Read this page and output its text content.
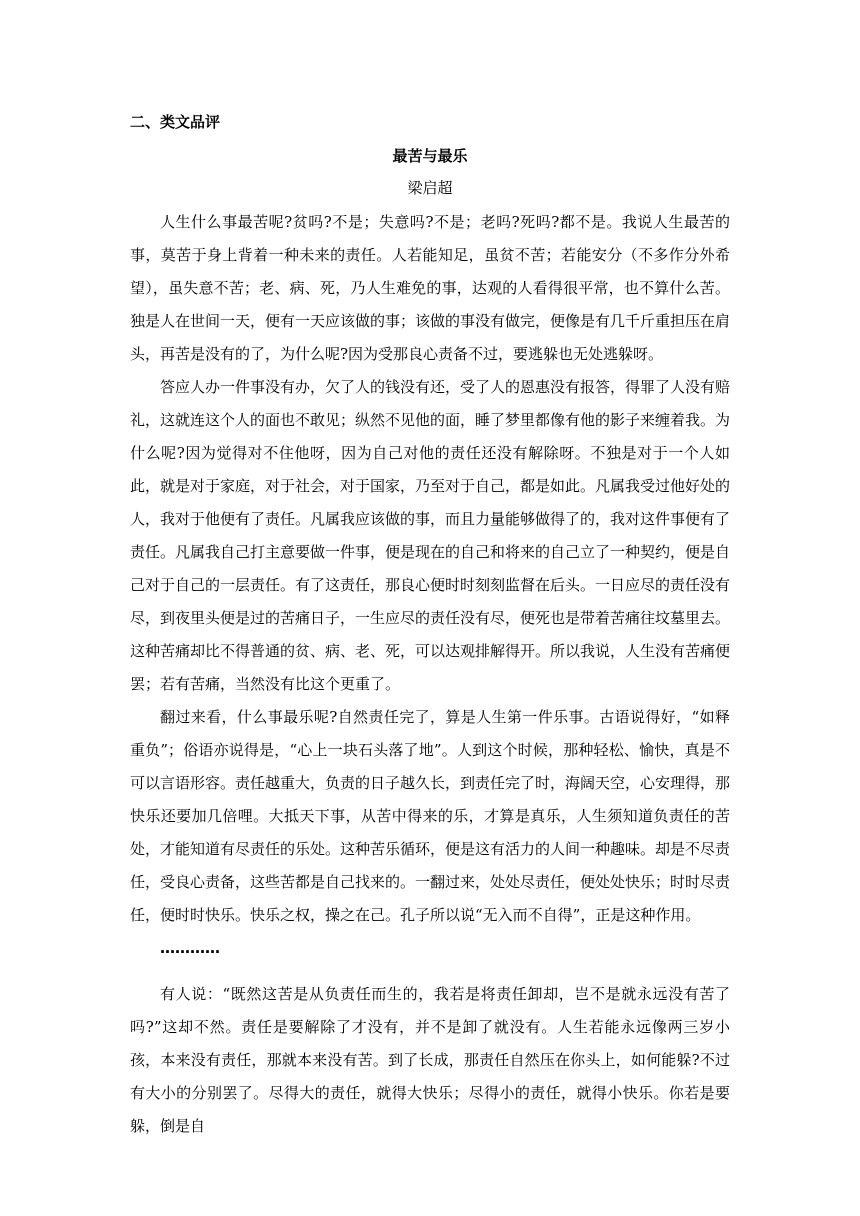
二、类文品评
最苦与最乐
梁启超

人生什么事最苦呢?贫吗?不是；失意吗?不是；老吗?死吗?都不是。我说人生最苦的事，莫苦于身上背着一种未来的责任。人若能知足，虽贫不苦；若能安分（不多作分外希望），虽失意不苦；老、病、死，乃人生难免的事，达观的人看得很平常，也不算什么苦。独是人在世间一天，便有一天应该做的事；该做的事没有做完，便像是有几千斤重担压在肩头，再苦是没有的了，为什么呢?因为受那良心责备不过，要逃躲也无处逃躲呀。

答应人办一件事没有办，欠了人的钱没有还，受了人的恩惠没有报答，得罪了人没有赔礼，这就连这个人的面也不敢见；纵然不见他的面，睡了梦里都像有他的影子来缠着我。为什么呢?因为觉得对不住他呀，因为自己对他的责任还没有解除呀。不独是对于一个人如此，就是对于家庭，对于社会，对于国家，乃至对于自己，都是如此。凡属我受过他好处的人，我对于他便有了责任。凡属我应该做的事，而且力量能够做得了的，我对这件事便有了责任。凡属我自己打主意要做一件事，便是现在的自己和将来的自己立了一种契约，便是自己对于自己的一层责任。有了这责任，那良心便时时刻刻监督在后头。一日应尽的责任没有尽，到夜里头便是过的苦痛日子，一生应尽的责任没有尽，便死也是带着苦痛往坟墓里去。这种苦痛却比不得普通的贫、病、老、死，可以达观排解得开。所以我说，人生没有苦痛便罢；若有苦痛，当然没有比这个更重了。

翻过来看，什么事最乐呢?自然责任完了，算是人生第一件乐事。古语说得好，“如释重负”；俗语亦说得是，“心上一块石头落了地”。人到这个时候，那种轻松、愉快，真是不可以言语形容。责任越重大，负责的日子越久长，到责任完了时，海阔天空，心安理得，那快乐还要加几倍哩。大抵天下事，从苦中得来的乐，才算是真乐，人生须知道负责任的苦处，才能知道有尽责任的乐处。这种苦乐循环，便是这有活力的人间一种趣味。却是不尽责任，受良心责备，这些苦都是自己找来的。一翻过来，处处尽责任，便处处快乐；时时尽责任，便时时快乐。快乐之权，操之在己。孔子所以说“无入而不自得”，正是这种作用。

…………

有人说：“既然这苦是从负责任而生的，我若是将责任卸却，岂不是就永远没有苦了吗?”这却不然。责任是要解除了才没有，并不是卸了就没有。人生若能永远像两三岁小孩，本来没有责任，那就本来没有苦。到了长成，那责任自然压在你头上，如何能躲?不过有大小的分别罢了。尽得大的责任，就得大快乐；尽得小的责任，就得小快乐。你若是要躲，倒是自
